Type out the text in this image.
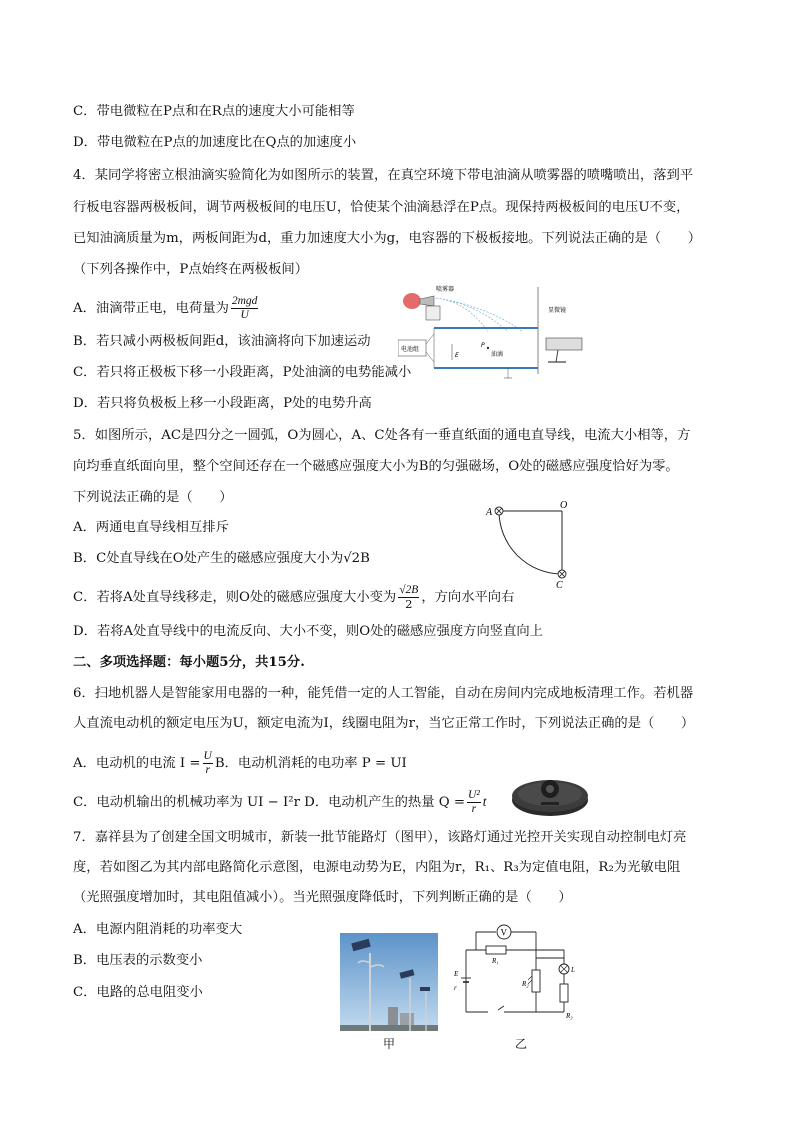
C．带电微粒在P点和在R点的速度大小可能相等
D．带电微粒在P点的加速度比在Q点的加速度小
4．某同学将密立根油滴实验简化为如图所示的装置，在真空环境下带电油滴从喷雾器的喷嘴喷出，落到平
行板电容器两极板间，调节两极板间的电压U，恰使某个油滴悬浮在P点。现保持两极板间的电压U不变，
已知油滴质量为m，两板间距为d，重力加速度大小为g，电容器的下极板接地。下列说法正确的是（　　）
（下列各操作中，P点始终在两极板间）
A．油滴带正电，电荷量为 $\frac{\text{2mgd}}{U}$
B．若只减小两极板间距d，该油滴将向下加速运动
C．若只将正极板下移一小段距离，P处油滴的电势能减小
D．若只将负极板上移一小段距离，P处的电势升高
喷雾器
电池组
E
P
油滴
显微镜
5．如图所示，AC是四分之一圆弧，O为圆心，A、C处各有一垂直纸面的通电直导线，电流大小相等，方
向均垂直纸面向里，整个空间还存在一个磁感应强度大小为B的匀强磁场，O处的磁感应强度恰好为零。
下列说法正确的是（　　）
A．两通电直导线相互排斥
B．C处直导线在O处产生的磁感应强度大小为√2B
C．若将A处直导线移走，则O处的磁感应强度大小变为 $\frac{√2B}{2}$ ，方向水平向右
D．若将A处直导线中的电流反向、大小不变，则O处的磁感应强度方向竖直向上
A
O
C
二、多项选择题：每小题5分，共15分.
6．扫地机器人是智能家用电器的一种，能凭借一定的人工智能，自动在房间内完成地板清理工作。若机器
人直流电动机的额定电压为U，额定电流为I，线圈电阻为r，当它正常工作时，下列说法正确的是（　　）
A．电动机的电流 $I = \frac{U}{r}$ B．电动机消耗的电功率 P = UI
C．电动机输出的机械功率为 UI − I²r D．电动机产生的热量 $Q = \frac{\text{U²}}{r}$ t
7．嘉祥县为了创建全国文明城市，新装一批节能路灯（图甲），该路灯通过光控开关实现自动控制电灯亮
度，若如图乙为其内部电路简化示意图，电源电动势为E，内阻为r，R₁、R₃为定值电阻，R₂为光敏电阻
（光照强度增加时，其电阻值减小）。当光照强度降低时，下列判断正确的是（　　）
A．电源内阻消耗的功率变大
B．电压表的示数变小
C．电路的总电阻变小
甲
V
R₁
R₂
L
R₃
E
r
乙
